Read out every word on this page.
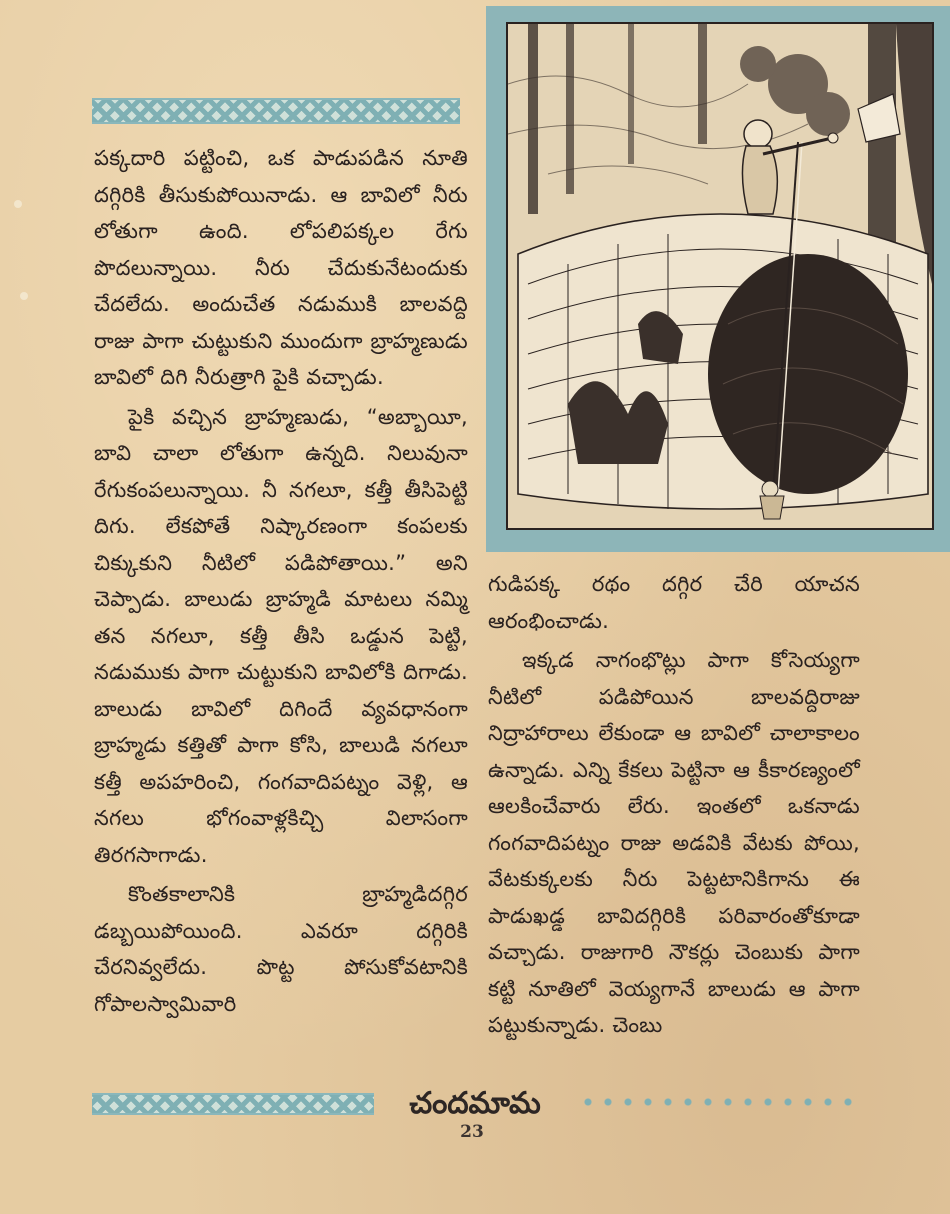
పక్కదారి పట్టించి, ఒక పాడుపడిన నూతి దగ్గిరికి తీసుకుపోయినాడు. ఆ బావిలో నీరు లోతుగా ఉంది. లోపలిపక్కల రేగు పొదలున్నాయి. నీరు చేదుకునేటందుకు చేదలేదు. అందుచేత నడుముకి బాలవద్ది రాజు పాగా చుట్టుకుని ముందుగా బ్రాహ్మణుడు బావిలో దిగి నీరుత్రాగి పైకి వచ్చాడు.

పైకి వచ్చిన బ్రాహ్మణుడు, “అబ్బాయీ, బావి చాలా లోతుగా ఉన్నది. నిలువునా రేగుకంపలున్నాయి. నీ నగలూ, కత్తీ తీసిపెట్టి దిగు. లేకపోతే నిష్కారణంగా కంపలకు చిక్కుకుని నీటిలో పడిపోతాయి.” అని చెప్పాడు. బాలుడు బ్రాహ్మడి మాటలు నమ్మి తన నగలూ, కత్తీ తీసి ఒడ్డున పెట్టి, నడుముకు పాగా చుట్టుకుని బావిలోకి దిగాడు. బాలుడు బావిలో దిగిందే వ్యవధానంగా బ్రాహ్మడు కత్తితో పాగా కోసి, బాలుడి నగలూ కత్తీ అపహరించి, గంగవాదిపట్నం వెళ్లి, ఆ నగలు భోగంవాళ్లకిచ్చి విలాసంగా తిరగసాగాడు.

కొంతకాలానికి బ్రాహ్మడిదగ్గిర డబ్బయిపోయింది. ఎవరూ దగ్గిరికి చేరనివ్వలేదు. పొట్ట పోసుకోవటానికి గోపాలస్వామివారి

గుడిపక్క రథం దగ్గిర చేరి యాచన ఆరంభించాడు.

ఇక్కడ నాగంభొట్లు పాగా కోసెయ్యగా నీటిలో పడిపోయిన బాలవద్దిరాజు నిద్రాహారాలు లేకుండా ఆ బావిలో చాలాకాలం ఉన్నాడు. ఎన్ని కేకలు పెట్టినా ఆ కీకారణ్యంలో ఆలకించేవారు లేరు. ఇంతలో ఒకనాడు గంగవాదిపట్నం రాజు అడవికి వేటకు పోయి, వేటకుక్కలకు నీరు పెట్టటానికిగాను ఈ పాడుఖడ్డ బావిదగ్గిరికి పరివారంతోకూడా వచ్చాడు. రాజుగారి నౌకర్లు చెంబుకు పాగా కట్టి నూతిలో వెయ్యగానే బాలుడు ఆ పాగా పట్టుకున్నాడు. చెంబు

చందమామ
23
